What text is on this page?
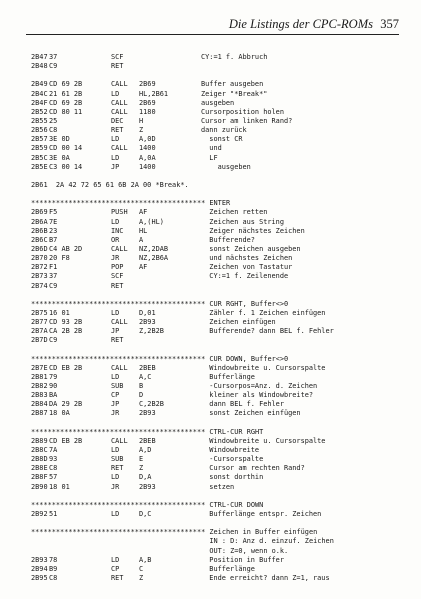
Die Listings der CPC-ROMs 357
2B47 37	SCF	CY:=1 f. Abbruch
2B48 C9	RET
2B49 CD 69 2B	CALL 2B69	Buffer ausgeben
2B4C 21 61 2B	LD	HL,2B61	Zeiger "*Break*"
2B4F CD 69 2B	CALL 2B69	ausgeben
2B52 CD 80 11	CALL 1180	Cursorposition holen
2B55 25	DEC H	Cursor am linken Rand?
2B56 C8	RET Z	dann zurück
2B57 3E 0D	LD	A,0D	sonst CR
2B59 CD 00 14	CALL 1400	und
2B5C 3E 0A	LD	A,0A	LF
2B5E C3 00 14	JP	1400	ausgeben
2B61  2A 42 72 65 61 6B 2A 00 *Break*.
****************************************** ENTER
2B69 F5	PUSH AF	Zeichen retten
2B6A 7E	LD	A,(HL)	Zeichen aus String
2B6B 23	INC HL	Zeiger nächstes Zeichen
2B6C B7	OR	A	Bufferende?
2B6D C4 AB 2D	CALL NZ,2DAB	sonst Zeichen ausgeben
2B70 20 F8	JR	NZ,2B6A	und nächstes Zeichen
2B72 F1	POP AF	Zeichen von Tastatur
2B73 37	SCF	CY:=1 f. Zeilenende
2B74 C9	RET
****************************************** CUR RGHT, Buffer<>0
2B75 16 01	LD	D,01	Zähler f. 1 Zeichen einfügen
2B77 CD 93 2B	CALL 2B93	Zeichen einfügen
2B7A CA 2B 2B	JP	Z,2B2B	Bufferende? dann BEL f. Fehler
2B7D C9	RET
****************************************** CUR DOWN, Buffer<>0
2B7E CD EB 2B	CALL 2BEB	Windowbreite u. Cursorspalte
2B81 79	LD	A,C	Bufferlänge
2B82 90	SUB B	-Cursorpos=Anz. d. Zeichen
2B83 BA	CP	D	kleiner als Windowbreite?
2B84 DA 29 2B	JP	C,2B2B	dann BEL f. Fehler
2B87 18 0A	JR	2B93	sonst Zeichen einfügen
****************************************** CTRL-CUR RGHT
2B89 CD EB 2B	CALL 2BEB	Windowbreite u. Cursorspalte
2B8C 7A	LD	A,D	Windowbreite
2B8D 93	SUB E	-Cursorspalte
2B8E C8	RET Z	Cursor am rechten Rand?
2B8F 57	LD	D,A	sonst dorthin
2B90 18 01	JR	2B93	setzen
****************************************** CTRL-CUR DOWN
2B92 51	LD	D,C	Bufferlänge entspr. Zeichen
****************************************** Zeichen in Buffer einfügen
IN : D: Anz d. einzuf. Zeichen
OUT: Z=0, wenn o.k.
2B93 78	LD	A,B	Position in Buffer
2B94 B9	CP	C	Bufferlänge
2B95 C8	RET Z	Ende erreicht? dann Z=1, raus
